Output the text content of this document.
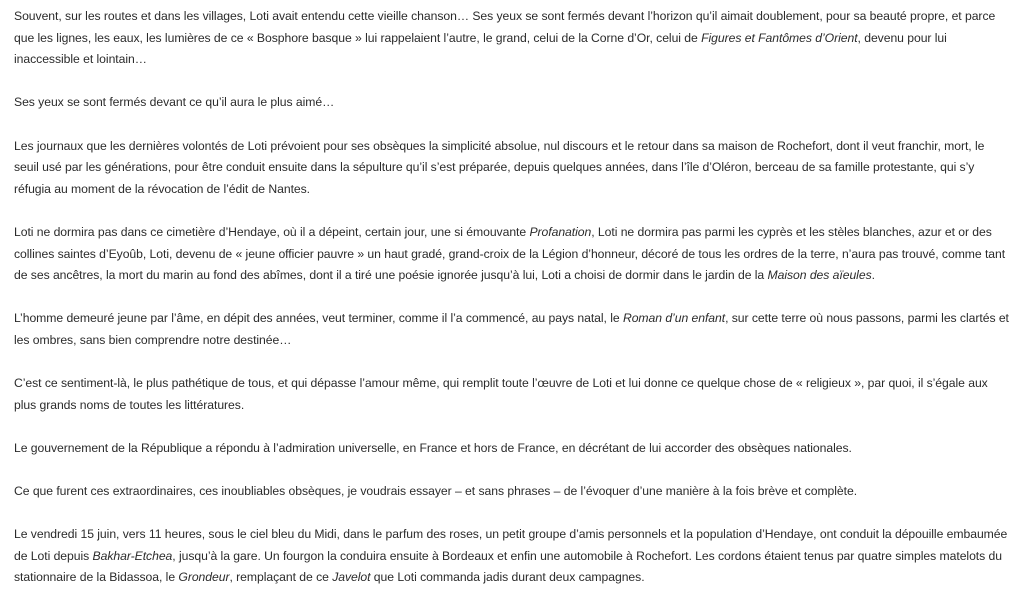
Souvent, sur les routes et dans les villages, Loti avait entendu cette vieille chanson… Ses yeux se sont fermés devant l’horizon qu’il aimait doublement, pour sa beauté propre, et parce que les lignes, les eaux, les lumières de ce « Bosphore basque » lui rappelaient l’autre, le grand, celui de la Corne d’Or, celui de Figures et Fantômes d’Orient, devenu pour lui inaccessible et lointain…

Ses yeux se sont fermés devant ce qu’il aura le plus aimé…

Les journaux que les dernières volontés de Loti prévoient pour ses obsèques la simplicité absolue, nul discours et le retour dans sa maison de Rochefort, dont il veut franchir, mort, le seuil usé par les générations, pour être conduit ensuite dans la sépulture qu’il s’est préparée, depuis quelques années, dans l’île d’Oléron, berceau de sa famille protestante, qui s’y réfugia au moment de la révocation de l’édit de Nantes.

Loti ne dormira pas dans ce cimetière d’Hendaye, où il a dépeint, certain jour, une si émouvante Profanation, Loti ne dormira pas parmi les cyprès et les stèles blanches, azur et or des collines saintes d’Eyoûb, Loti, devenu de « jeune officier pauvre » un haut gradé, grand-croix de la Légion d’honneur, décoré de tous les ordres de la terre, n’aura pas trouvé, comme tant de ses ancêtres, la mort du marin au fond des abîmes, dont il a tiré une poésie ignorée jusqu’à lui, Loti a choisi de dormir dans le jardin de la Maison des aïeules.

L’homme demeuré jeune par l’âme, en dépit des années, veut terminer, comme il l’a commencé, au pays natal, le Roman d’un enfant, sur cette terre où nous passons, parmi les clartés et les ombres, sans bien comprendre notre destinée…

C’est ce sentiment-là, le plus pathétique de tous, et qui dépasse l’amour même, qui remplit toute l’œuvre de Loti et lui donne ce quelque chose de « religieux », par quoi, il s’égale aux plus grands noms de toutes les littératures.

Le gouvernement de la République a répondu à l’admiration universelle, en France et hors de France, en décrétant de lui accorder des obsèques nationales.

Ce que furent ces extraordinaires, ces inoubliables obsèques, je voudrais essayer – et sans phrases – de l’évoquer d’une manière à la fois brève et complète.

Le vendredi 15 juin, vers 11 heures, sous le ciel bleu du Midi, dans le parfum des roses, un petit groupe d’amis personnels et la population d’Hendaye, ont conduit la dépouille embaumée de Loti depuis Bakhar-Etchea, jusqu’à la gare. Un fourgon la conduira ensuite à Bordeaux et enfin une automobile à Rochefort. Les cordons étaient tenus par quatre simples matelots du stationnaire de la Bidassoa, le Grondeur, remplaçant de ce Javelot que Loti commanda jadis durant deux campagnes.
